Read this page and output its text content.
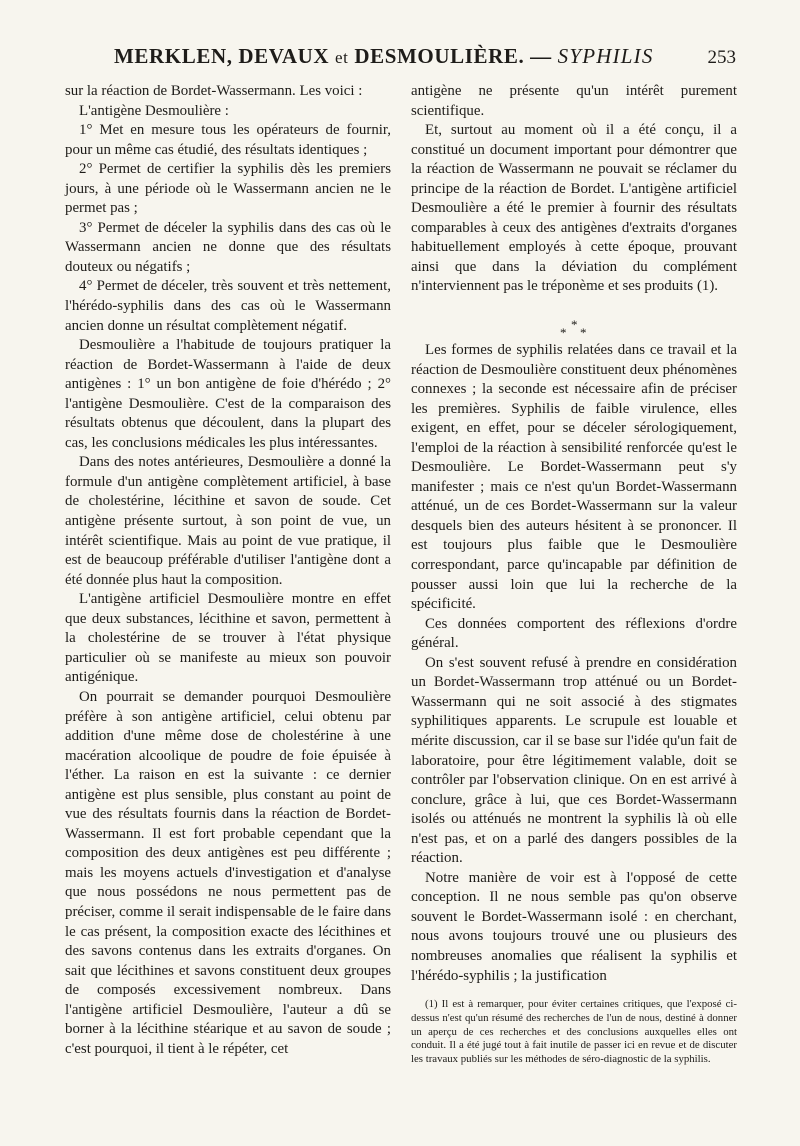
MERKLEN, DEVAUX et DESMOULIÈRE. — SYPHILIS	253

sur la réaction de Bordet-Wassermann. Les voici :

L'antigène Desmoulière :

1° Met en mesure tous les opérateurs de fournir, pour un même cas étudié, des résultats identiques ;

2° Permet de certifier la syphilis dès les premiers jours, à une période où le Wassermann ancien ne le permet pas ;

3° Permet de déceler la syphilis dans des cas où le Wassermann ancien ne donne que des résultats douteux ou négatifs ;

4° Permet de déceler, très souvent et très nettement, l'hérédo-syphilis dans des cas où le Wassermann ancien donne un résultat complètement négatif.

Desmoulière a l'habitude de toujours pratiquer la réaction de Bordet-Wassermann à l'aide de deux antigènes : 1° un bon antigène de foie d'hérédo ; 2° l'antigène Desmoulière. C'est de la comparaison des résultats obtenus que découlent, dans la plupart des cas, les conclusions médicales les plus intéressantes.

Dans des notes antérieures, Desmoulière a donné la formule d'un antigène complètement artificiel, à base de cholestérine, lécithine et savon de soude. Cet antigène présente surtout, à son point de vue, un intérêt scientifique. Mais au point de vue pratique, il est de beaucoup préférable d'utiliser l'antigène dont a été donnée plus haut la composition.

L'antigène artificiel Desmoulière montre en effet que deux substances, lécithine et savon, permettent à la cholestérine de se trouver à l'état physique particulier où se manifeste au mieux son pouvoir antigénique.

On pourrait se demander pourquoi Desmoulière préfère à son antigène artificiel, celui obtenu par addition d'une même dose de cholestérine à une macération alcoolique de poudre de foie épuisée à l'éther. La raison en est la suivante : ce dernier antigène est plus sensible, plus constant au point de vue des résultats fournis dans la réaction de Bordet-Wassermann. Il est fort probable cependant que la composition des deux antigènes est peu différente ; mais les moyens actuels d'investigation et d'analyse que nous possédons ne nous permettent pas de préciser, comme il serait indispensable de le faire dans le cas présent, la composition exacte des lécithines et des savons contenus dans les extraits d'organes. On sait que lécithines et savons constituent deux groupes de composés excessivement nombreux. Dans l'antigène artificiel Desmoulière, l'auteur a dû se borner à la lécithine stéarique et au savon de soude ; c'est pourquoi, il tient à le répéter, cet

antigène ne présente qu'un intérêt purement scientifique.

Et, surtout au moment où il a été conçu, il a constitué un document important pour démontrer que la réaction de Wassermann ne pouvait se réclamer du principe de la réaction de Bordet. L'antigène artificiel Desmoulière a été le premier à fournir des résultats comparables à ceux des antigènes d'extraits d'organes habituellement employés à cette époque, prouvant ainsi que dans la déviation du complément n'interviennent pas le tréponème et ses produits (1).

*
* *

Les formes de syphilis relatées dans ce travail et la réaction de Desmoulière constituent deux phénomènes connexes ; la seconde est nécessaire afin de préciser les premières. Syphilis de faible virulence, elles exigent, en effet, pour se déceler sérologiquement, l'emploi de la réaction à sensibilité renforcée qu'est le Desmoulière. Le Bordet-Wassermann peut s'y manifester ; mais ce n'est qu'un Bordet-Wassermann atténué, un de ces Bordet-Wassermann sur la valeur desquels bien des auteurs hésitent à se prononcer. Il est toujours plus faible que le Desmoulière correspondant, parce qu'incapable par définition de pousser aussi loin que lui la recherche de la spécificité.

Ces données comportent des réflexions d'ordre général.

On s'est souvent refusé à prendre en considération un Bordet-Wassermann trop atténué ou un Bordet-Wassermann qui ne soit associé à des stigmates syphilitiques apparents. Le scrupule est louable et mérite discussion, car il se base sur l'idée qu'un fait de laboratoire, pour être légitimement valable, doit se contrôler par l'observation clinique. On en est arrivé à conclure, grâce à lui, que ces Bordet-Wassermann isolés ou atténués ne montrent la syphilis là où elle n'est pas, et on a parlé des dangers possibles de la réaction.

Notre manière de voir est à l'opposé de cette conception. Il ne nous semble pas qu'on observe souvent le Bordet-Wassermann isolé : en cherchant, nous avons toujours trouvé une ou plusieurs des nombreuses anomalies que réalisent la syphilis et l'hérédo-syphilis ; la justification

(1) Il est à remarquer, pour éviter certaines critiques, que l'exposé ci-dessus n'est qu'un résumé des recherches de l'un de nous, destiné à donner un aperçu de ces recherches et des conclusions auxquelles elles ont conduit. Il a été jugé tout à fait inutile de passer ici en revue et de discuter les travaux publiés sur les méthodes de séro-diagnostic de la syphilis.
